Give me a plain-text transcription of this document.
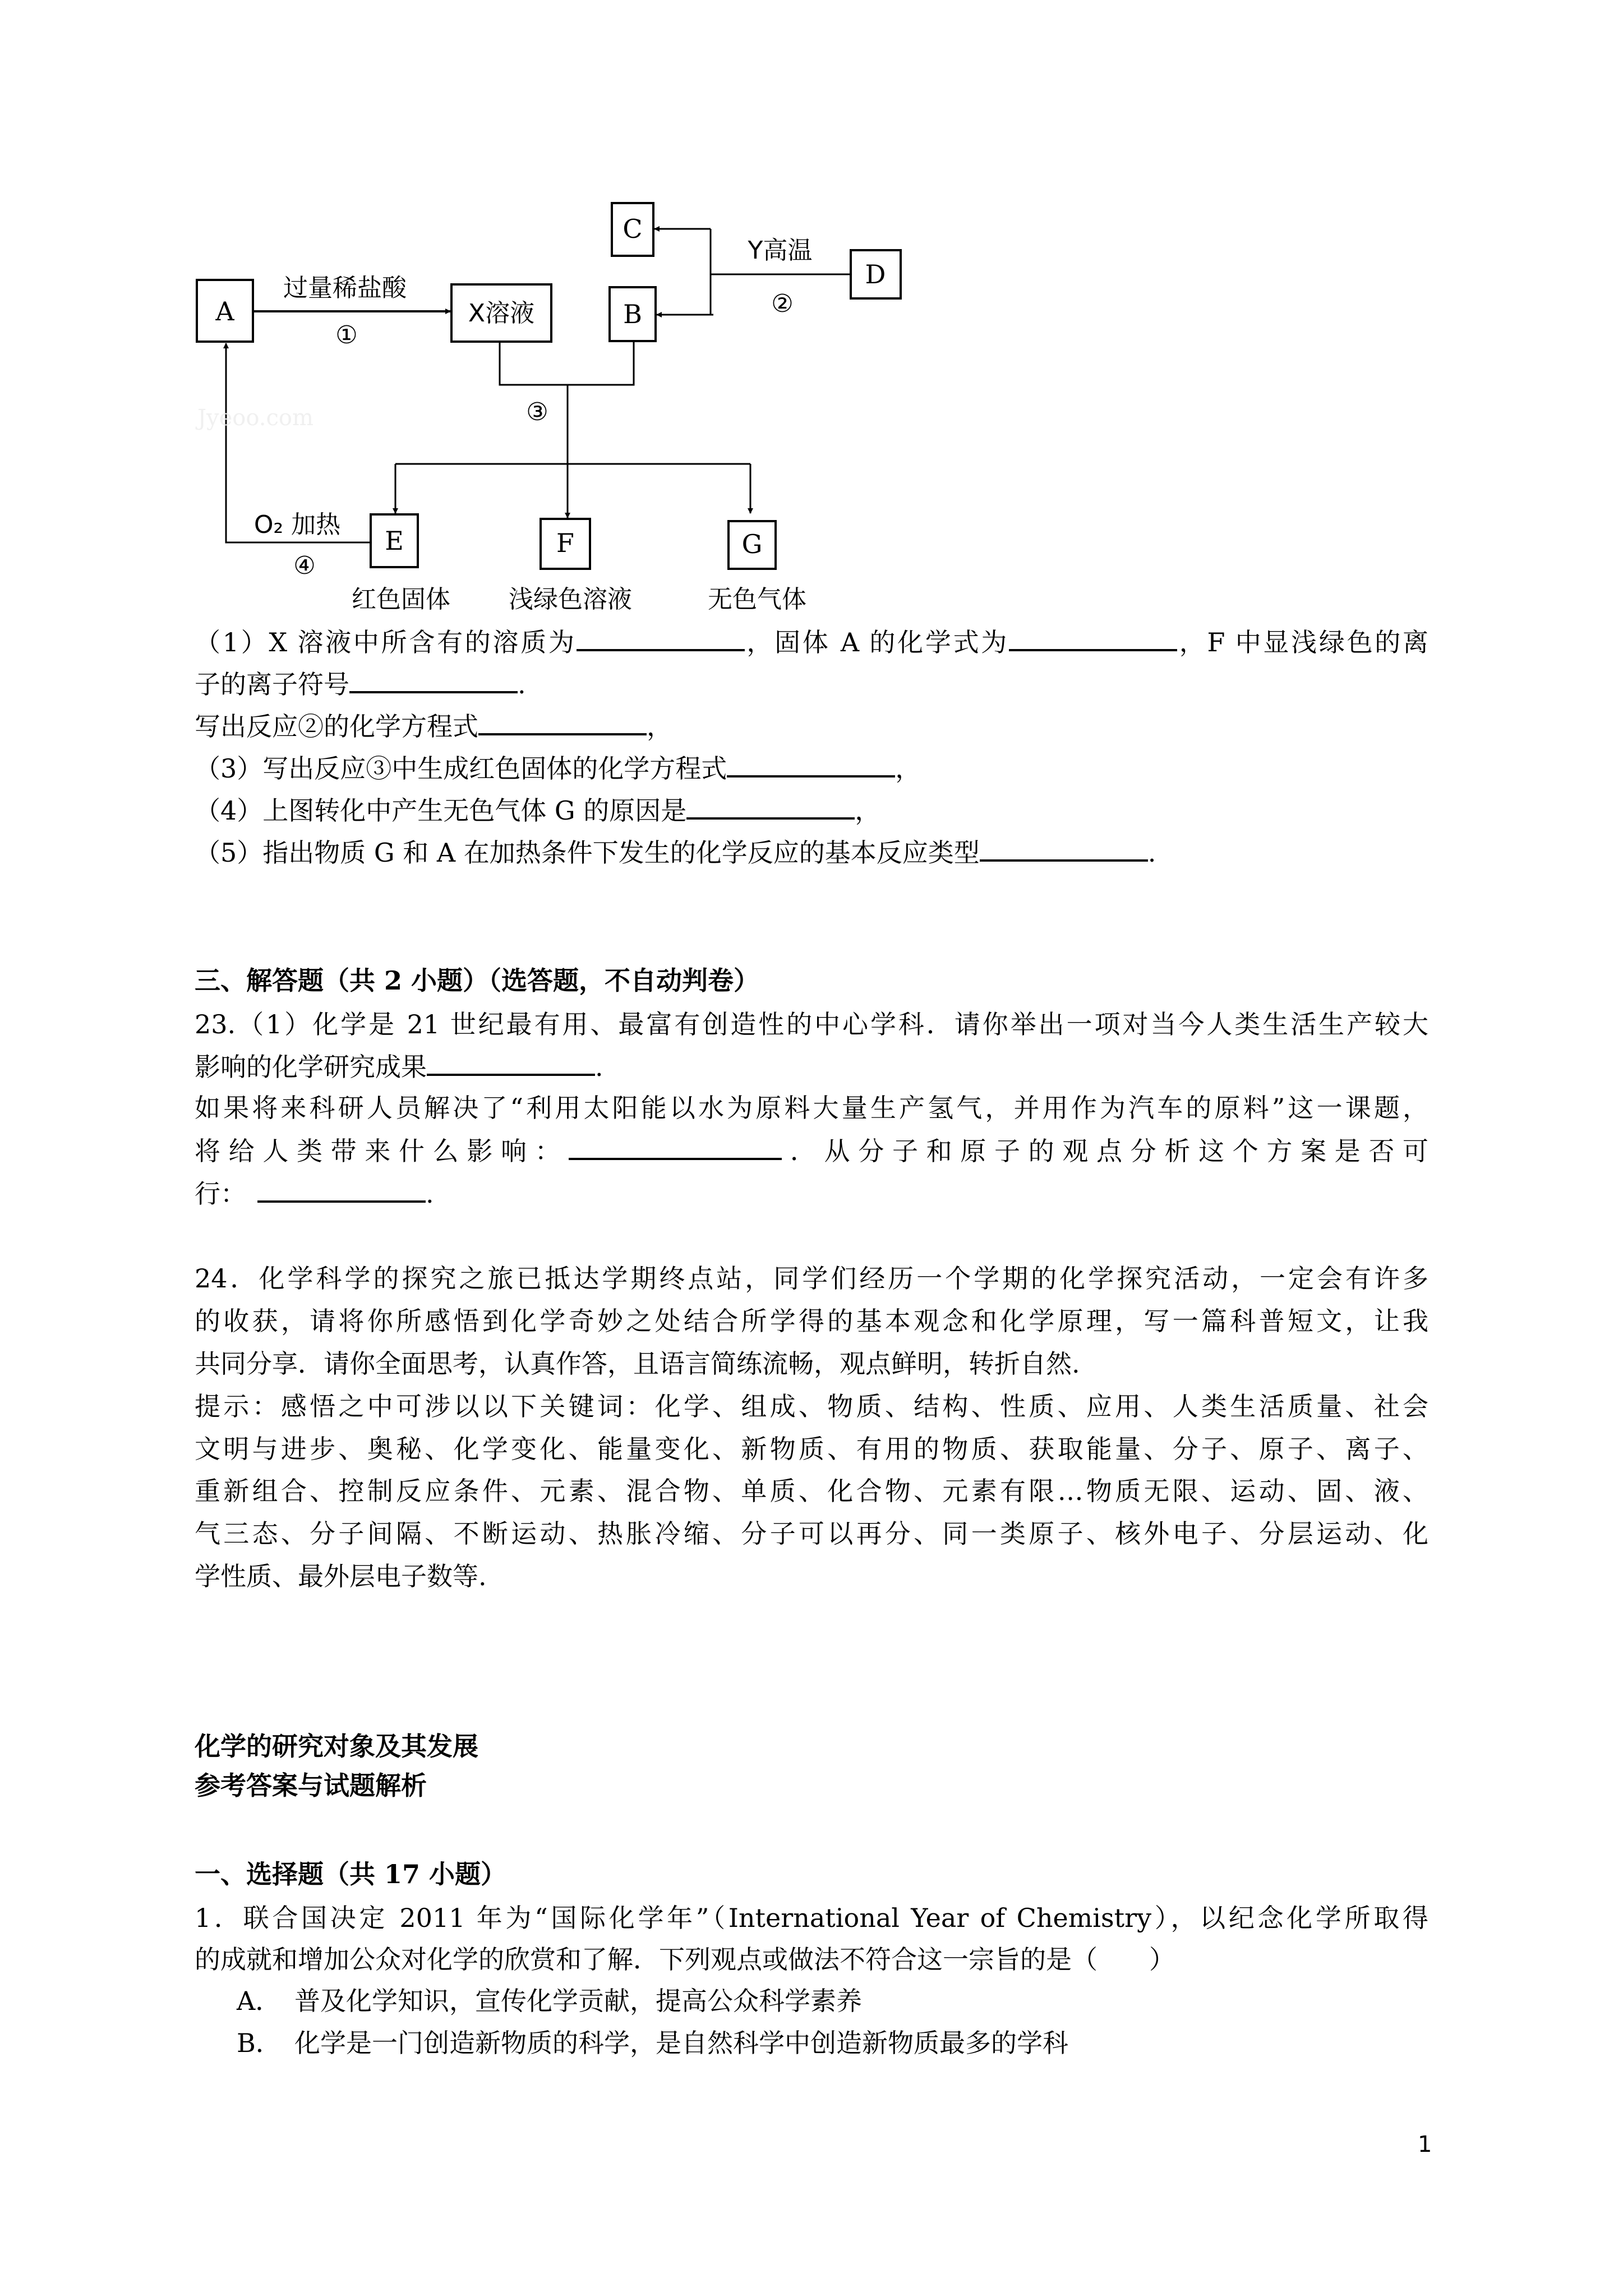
A	X溶液	B
C
D
E	F	G
过量稀盐酸
①
Y高温
②
③
O₂ 加热
④
红色固体 浅绿色溶液	无色气体
Jyeoo.com
（1）X 溶液中所含有的溶质为	，固体 A 的化学式为	，F 中显浅绿色的离
子的离子符号	.
写出反应②的化学方程式	，
（3）写出反应③中生成红色固体的化学方程式	，
（4）上图转化中产生无色气体 G 的原因是	，
（5）指出物质 G 和 A 在加热条件下发生的化学反应的基本反应类型	.
三、解答题（共 2 小题）（选答题，不自动判卷）
23.（1）化学是 21 世纪最有用、最富有创造性的中心学科．请你举出一项对当今人类生活生产较大
影响的化学研究成果	.
如果将来科研人员解决了“利用太阳能以水为原料大量生产氢气，并用作为汽车的原料”这一课题，
将给人类带来什么影响：	．从分子和原子的观点分析这个方案是否可
行：	.
24．化学科学的探究之旅已抵达学期终点站，同学们经历一个学期的化学探究活动，一定会有许多
的收获，请将你所感悟到化学奇妙之处结合所学得的基本观念和化学原理，写一篇科普短文，让我
共同分享．请你全面思考，认真作答，且语言简练流畅，观点鲜明，转折自然.
提示：感悟之中可涉以以下关键词：化学、组成、物质、结构、性质、应用、人类生活质量、社会
文明与进步、奥秘、化学变化、能量变化、新物质、有用的物质、获取能量、分子、原子、离子、
重新组合、控制反应条件、元素、混合物、单质、化合物、元素有限…物质无限、运动、固、液、
气三态、分子间隔、不断运动、热胀冷缩、分子可以再分、同一类原子、核外电子、分层运动、化
学性质、最外层电子数等.
化学的研究对象及其发展
参考答案与试题解析
一、选择题（共 17 小题）
1．联合国决定 2011 年为“国际化学年”（International Year of Chemistry），以纪念化学所取得
的成就和增加公众对化学的欣赏和了解．下列观点或做法不符合这一宗旨的是（　　）
A． 普及化学知识，宣传化学贡献，提高公众科学素养
B． 化学是一门创造新物质的科学，是自然科学中创造新物质最多的学科
1
